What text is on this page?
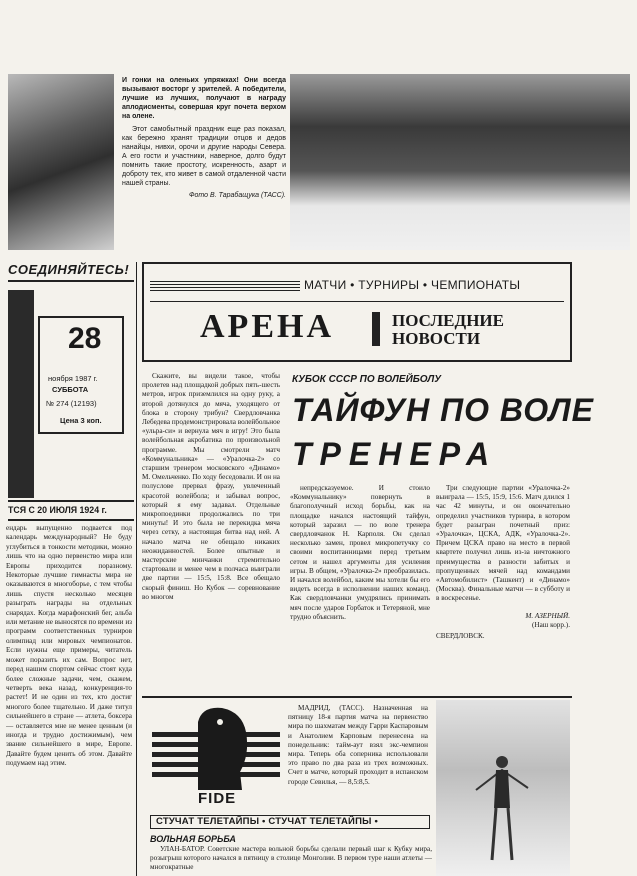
И гонки на оленьих упряжках! Они всегда вызывают восторг у зрителей. А победители, лучшие из лучших, получают в награду аплодисменты, совершая круг почета верхом на олене.

Этот самобытный праздник еще раз показал, как бережно хранят традиции отцов и дедов нанайцы, нивхи, орочи и другие народы Севера. А его гости и участники, наверное, долго будут помнить такие простоту, искренность, азарт и доброту тех, кто живет в самой отдаленной части нашей страны.

Фото В. Тарабащука (ТАСС).

СОЕДИНЯЙТЕСЬ!
28
ноября 1987 г.
СУББОТА
№ 274 (12193)
Цена 3 коп.
ТСЯ С 20 ИЮЛЯ 1924 г.

ендарь выпущенно подвается под календарь международный? Не буду углубиться в тонкости методики, можно лишь что на одно первенство мира или Европы приходится поразному. Некоторые лучшие гимнасты мира не оказываются в многоборье, с тем чтобы лишь спустя несколько месяцев разыграть награды на отдельных снарядах. Когда марафонский бег, альба или метание не выносятся по времени из программ соответственных турниров олимпиад или мировых чемпионатов. Если нужны еще примеры, читатель может поразить их сам. Вопрос нет, перед нашим спортом сейчас стоят куда более сложные задачи, чем, скажем, четверть века назад, конкуренция-то растет! И не один из тех, кто достиг многого более тщательно. И даже титул сильнейшего в стране — атлета, боксера — оставляется мне не менее ценным (и иногда и трудно достижимым), чем звание сильнейшего в мире, Европе. Давайте будем ценить об этом. Давайте подумаем над этим.

МАТЧИ • ТУРНИРЫ • ЧЕМПИОНАТЫ
АРЕНА	ПОСЛЕДНИЕ
НОВОСТИ

Скажите, вы видели такое, чтобы пролетев над площадкой добрых пять-шесть метров, игрок приземлился на одну руку, а второй дотянулся до мяча, уходящего от блока в сторону трибун? Свердловчанка Лебедева продемонстрировала волейбольное «ульра-си» и вернула мяч в игру! Это была волейбольная акробатика по произвольной программе. Мы смотрели матч «Коммунальника» — «Уралочка-2» со старшим тренером московского «Динамо» М. Омельченко. По ходу беседовали. И он на полуслове прервал фразу, увлеченный красотой волейбола; и забывал вопрос, который я ему задавал. Отдельные микропоединки продолжались по три минуты! И это была не перекидка мяча через сетку, а настоящая битва над ней. А начало матча не обещало никаких неожиданностей. Более опытные и мастерские минчанки стремительно стартовали и менее чем в полчаса выиграли две партии — 15:5, 15:8. Все обещало скорый финиш. Но Кубок — соревнование во многом

КУБОК СССР ПО ВОЛЕЙБОЛУ
ТАЙФУН ПО ВОЛЕ
ТРЕНЕРА

непредсказуемое. И стоило «Коммунальнику» повернуть в благополучный исход борьбы, как на площадке начался настоящий тайфун, который заразил — по воле тренера свердловчанок Н. Карполя. Он сделал несколько замен, провел микропетучку со своими воспитанницами перед третьим сетом и нашел аргументы для усиления игры. В общем, «Уралочка-2» преобразилась. И начался волейбол, каким мы хотели бы его видеть всегда в исполнении наших команд. Как свердловчанки умудрялись принимать мяч после ударов Горбаток и Тетеряной, мне трудно объяснить.

Три следующие партии «Уралочка-2» выиграла — 15:5, 15:9, 15:6. Матч длился 1 час 42 минуты, и он окончательно определил участников турнира, в котором будет разыгран почетный приз: «Уралочка», ЦСКА, АДК, «Уралочка-2». Причем ЦСКА право на место в первой квартете получил лишь из-за ничтожного преимущества в разности забитых и пропущенных мячей над командами «Автомобилист» (Ташкент) и «Динамо» (Москва). Финальные матчи — в субботу и в воскресенье.

М. АЗЕРНЫЙ.

(Наш корр.).

СВЕРДЛОВСК.

FIDE

МАДРИД, (ТАСС). Назначенная на пятницу 18-я партия матча на первенство мира по шахматам между Гарри Каспаровым и Анатолием Карповым перенесена на понедельник: тайм-аут взял экс-чемпион мира. Теперь оба соперника использовали это право по два раза из трех возможных. Счет в матче, который проходит в испанском городе Севилья, — 8,5:8,5.

СТУЧАТ ТЕЛЕТАЙПЫ • СТУЧАТ ТЕЛЕТАЙПЫ •
ВОЛЬНАЯ БОРЬБА

УЛАН-БАТОР. Советские мастера вольной борьбы сделали первый шаг к Кубку мира, розыгрыш которого начался в пятницу в столице Монголии. В первом туре наши атлеты — многократные
